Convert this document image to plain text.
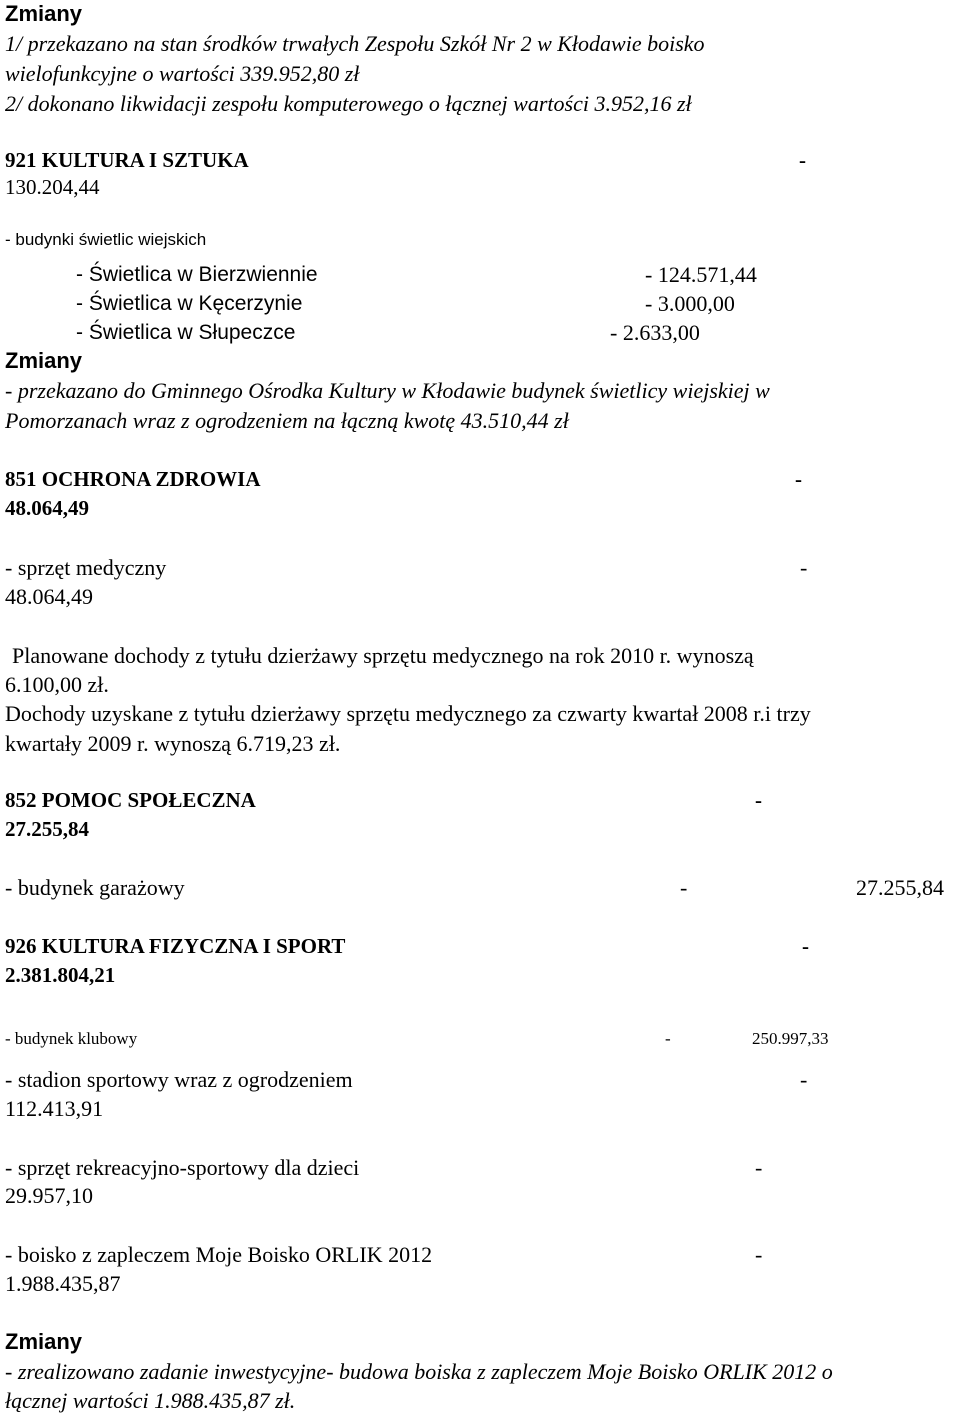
Zmiany
1/ przekazano na stan środków trwałych Zespołu Szkół Nr 2 w Kłodawie boisko
wielofunkcyjne o wartości 339.952,80 zł
2/ dokonano likwidacji zespołu komputerowego o łącznej wartości 3.952,16 zł
921 KULTURA I SZTUKA	-
130.204,44
- budynki świetlic wiejskich
- Świetlica w Bierzwiennie	- 124.571,44
- Świetlica w Kęcerzynie	- 3.000,00
- Świetlica w Słupeczce	- 2.633,00
Zmiany
- przekazano do Gminnego Ośrodka Kultury w Kłodawie budynek świetlicy wiejskiej w
Pomorzanach wraz z ogrodzeniem na łączną kwotę 43.510,44 zł
851 OCHRONA ZDROWIA	-
48.064,49
- sprzęt medyczny	-
48.064,49
Planowane dochody z tytułu dzierżawy sprzętu medycznego na rok 2010 r. wynoszą
6.100,00 zł.
Dochody uzyskane z tytułu dzierżawy sprzętu medycznego za czwarty kwartał 2008 r.i trzy
kwartały 2009 r. wynoszą 6.719,23 zł.
852 POMOC SPOŁECZNA	-
27.255,84
- budynek garażowy	-	27.255,84
926 KULTURA FIZYCZNA I SPORT	-
2.381.804,21
- budynek klubowy	-	250.997,33
- stadion sportowy wraz z ogrodzeniem	-
112.413,91
- sprzęt rekreacyjno-sportowy dla dzieci	-
29.957,10
- boisko z zapleczem Moje Boisko ORLIK 2012	-
1.988.435,87
Zmiany
- zrealizowano zadanie inwestycyjne- budowa boiska z zapleczem Moje Boisko ORLIK 2012 o
łącznej wartości 1.988.435,87 zł.
